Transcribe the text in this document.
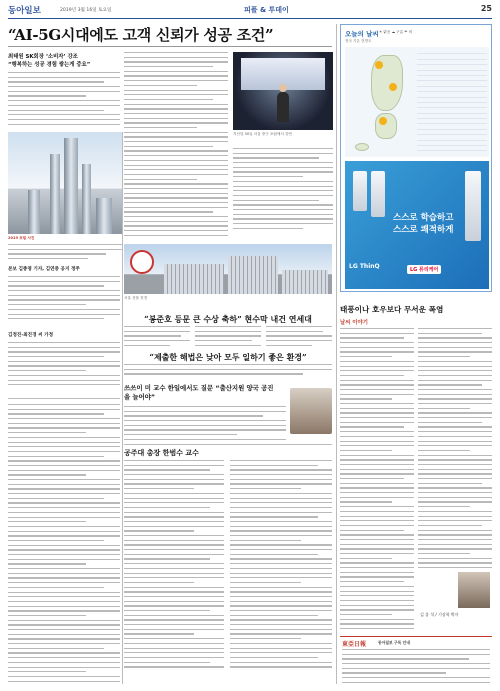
동아일보	2019년 3월 16일 토요일	피플 & 투데이	25
“AI-5G시대에도 고객 신뢰가 성공 조건”
최태원 SK회장 ‘소비자’ 강조
“행복하는 성공 경험 쌓는게 중요”
지난달 30일 서울 중구 포럼에서 강연
2019 포럼 사진
본보 김종영 기자, 김연중 공지 정주
김정진-최진경 씨 가정
서울 건물 전경
“봉준호 등문 큰 수상 축하” 현수막 내건 연세대
“제출한 해법은 낮아 모두 일하기 좋은 환경”
쓰쓰이 미 교수 한일에서도 질문 “출산지원 양국 공진을 늘어야”
공주대 총장 한범수 교수
오늘의 날씨
전국 기온 전망도
☀ 맑음 ☁ 구름 ☂ 비
스스로 학습하고
스스로 쾌적하게
LG ThinQ	LG 퓨리케어
태풍이나 호우보다 무서운 폭염
날씨 이야기
김 종 석 / 기상학 박사
東亞日報	동아일보 구독 안내
